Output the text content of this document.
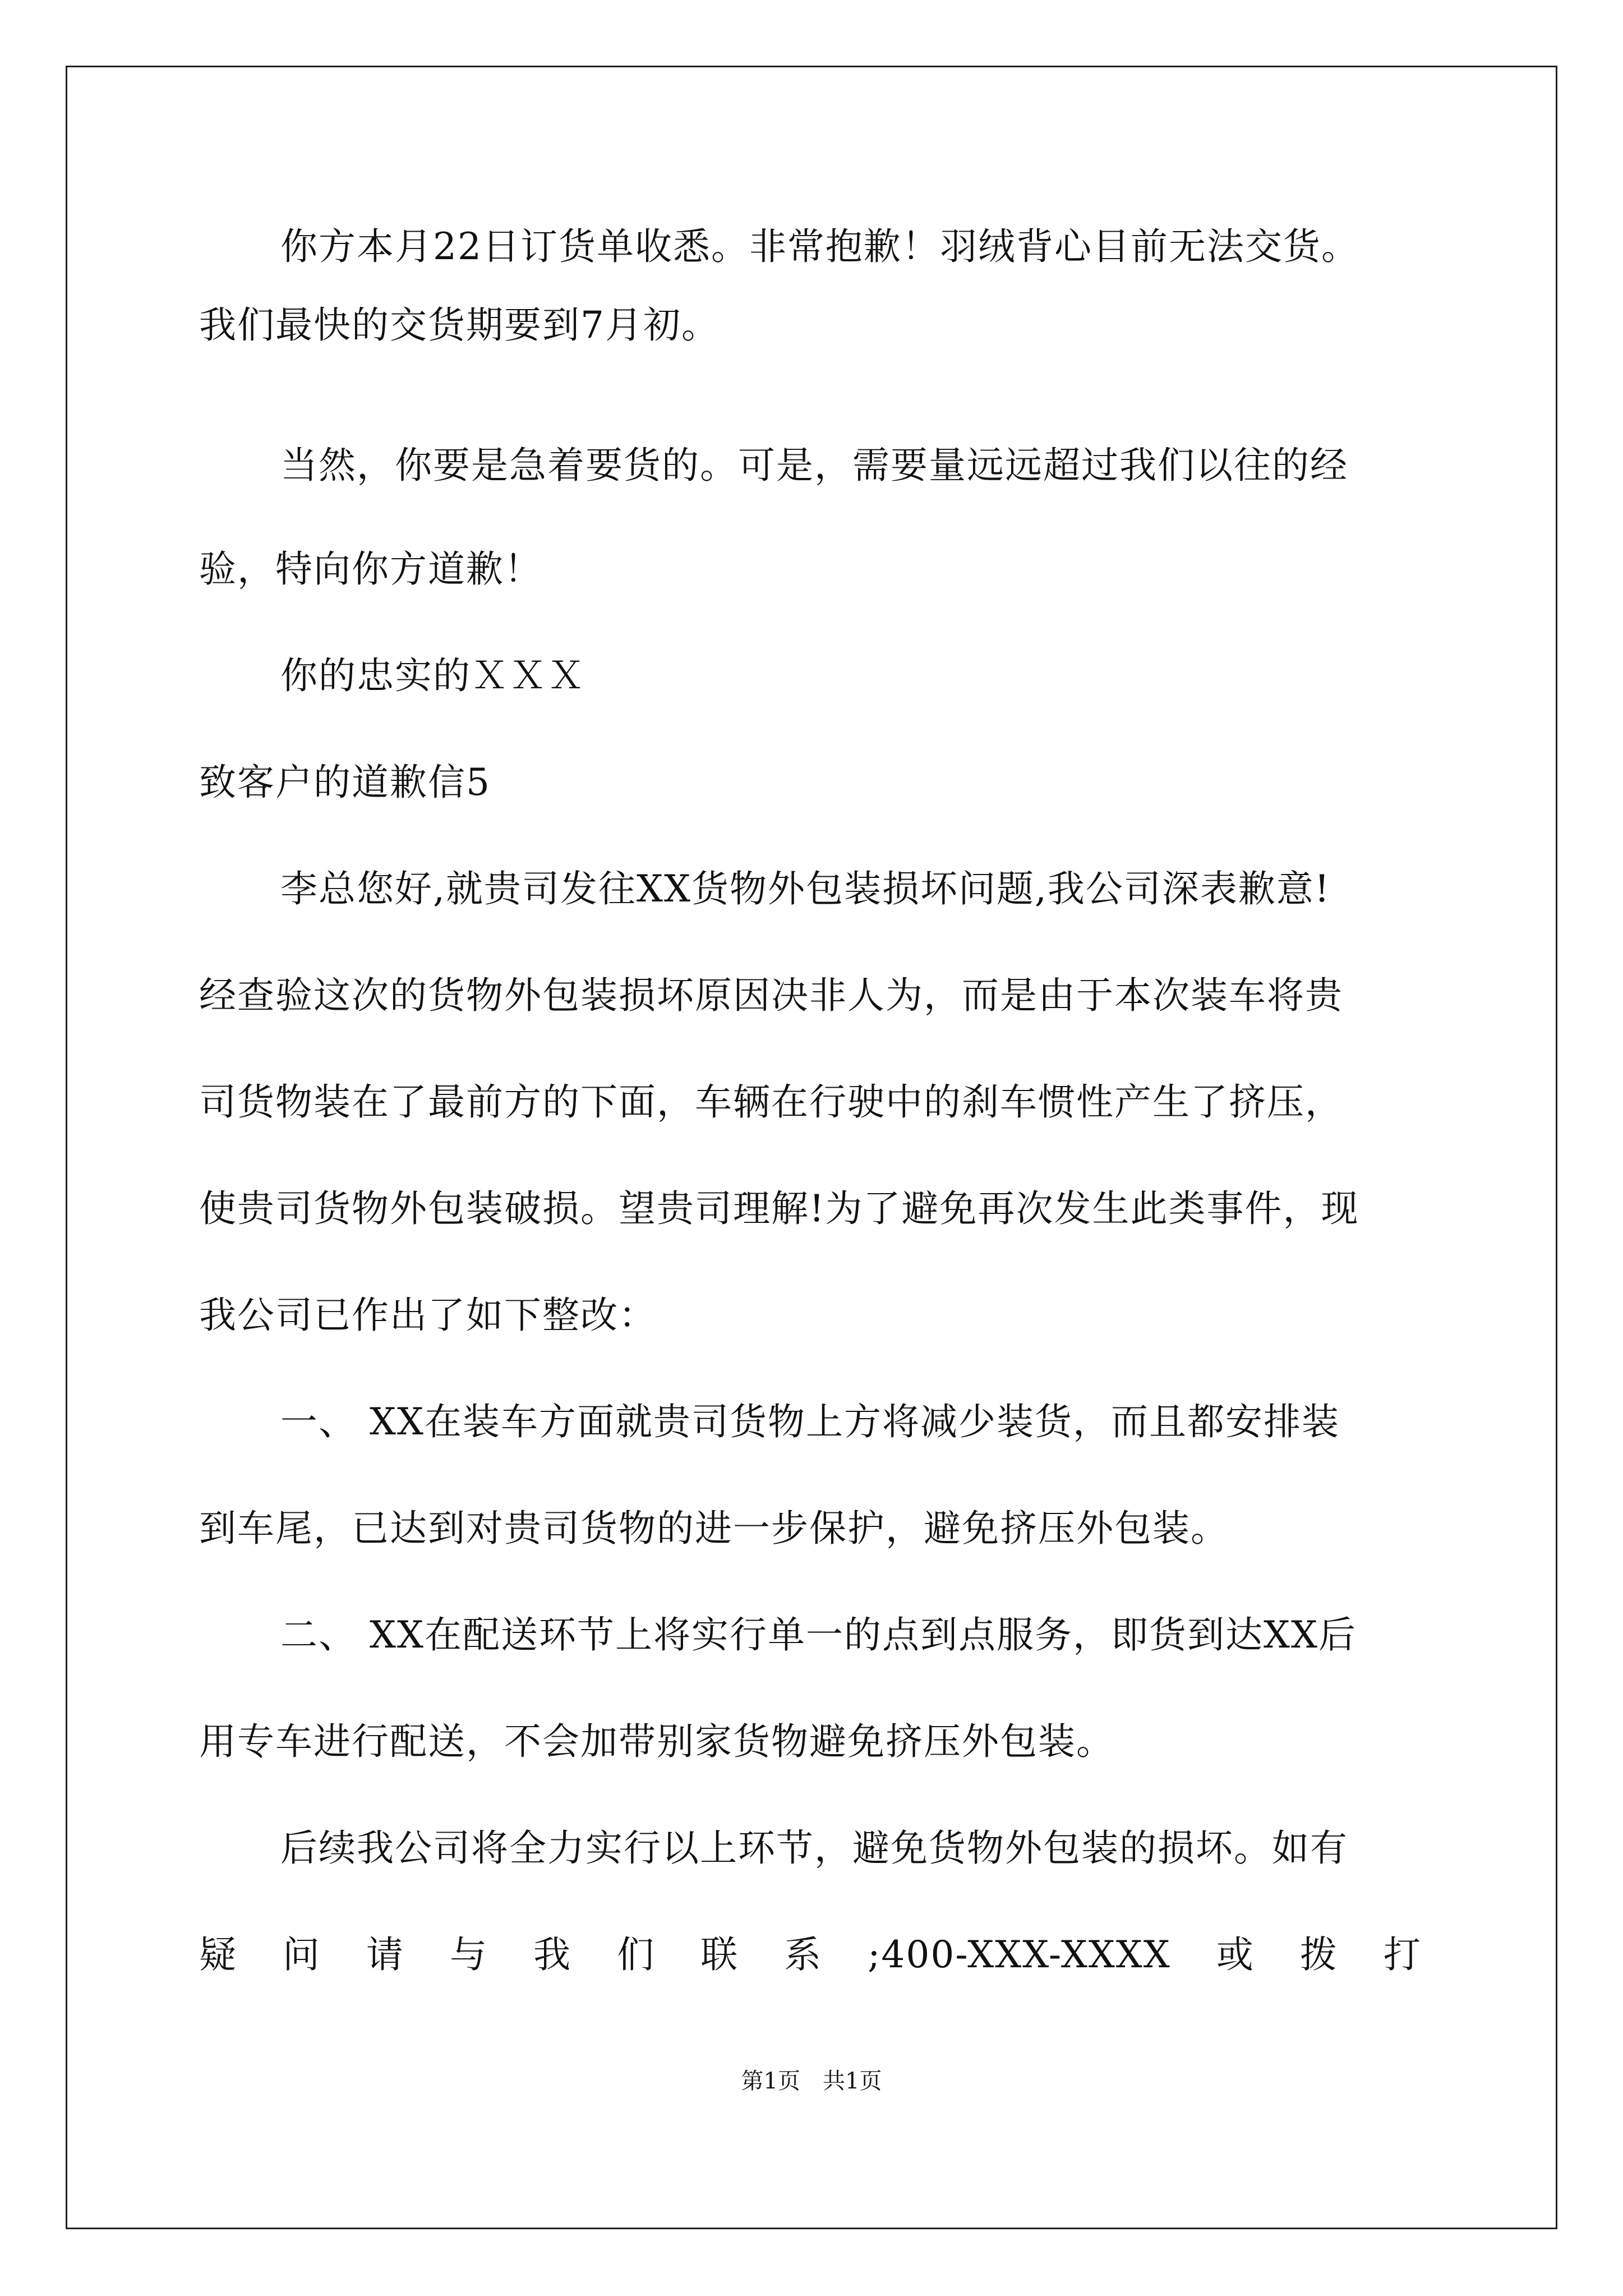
你方本月22日订货单收悉。非常抱歉！羽绒背心目前无法交货。
我们最快的交货期要到7月初。
当然，你要是急着要货的。可是，需要量远远超过我们以往的经
验，特向你方道歉！
你的忠实的ＸＸＸ
致客户的道歉信5
李总您好,就贵司发往XX货物外包装损坏问题,我公司深表歉意!
经查验这次的货物外包装损坏原因决非人为，而是由于本次装车将贵
司货物装在了最前方的下面，车辆在行驶中的刹车惯性产生了挤压，
使贵司货物外包装破损。望贵司理解!为了避免再次发生此类事件，现
我公司已作出了如下整改：
一、 XX在装车方面就贵司货物上方将减少装货，而且都安排装
到车尾，已达到对贵司货物的进一步保护，避免挤压外包装。
二、 XX在配送环节上将实行单一的点到点服务，即货到达XX后
用专车进行配送，不会加带别家货物避免挤压外包装。
后续我公司将全力实行以上环节，避免货物外包装的损坏。如有
疑 问 请 与 我 们 联 系 ;400-XXX-XXXX 或 拨 打
第1页　共1页
